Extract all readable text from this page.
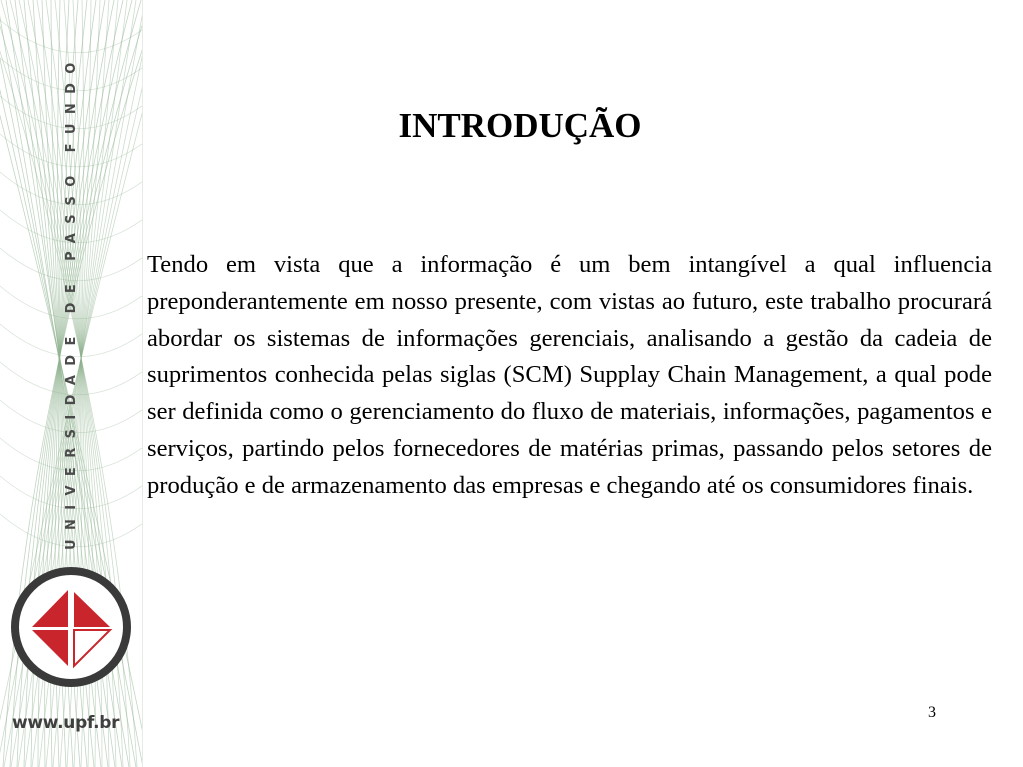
UNIVERSIDADE DE PASSO FUNDO
www.upf.br
INTRODUÇÃO

Tendo em vista que a informação é um bem intangível a qual influencia preponderantemente em nosso presente, com vistas ao futuro, este trabalho procurará abordar os sistemas de informações gerenciais, analisando a gestão da cadeia de suprimentos conhecida pelas siglas (SCM) Supplay Chain Management, a qual pode ser definida como o gerenciamento do fluxo de materiais, informações, pagamentos e serviços, partindo pelos fornecedores de matérias primas, passando pelos setores de produção e de armazenamento das empresas e chegando até os consumidores finais.

3
